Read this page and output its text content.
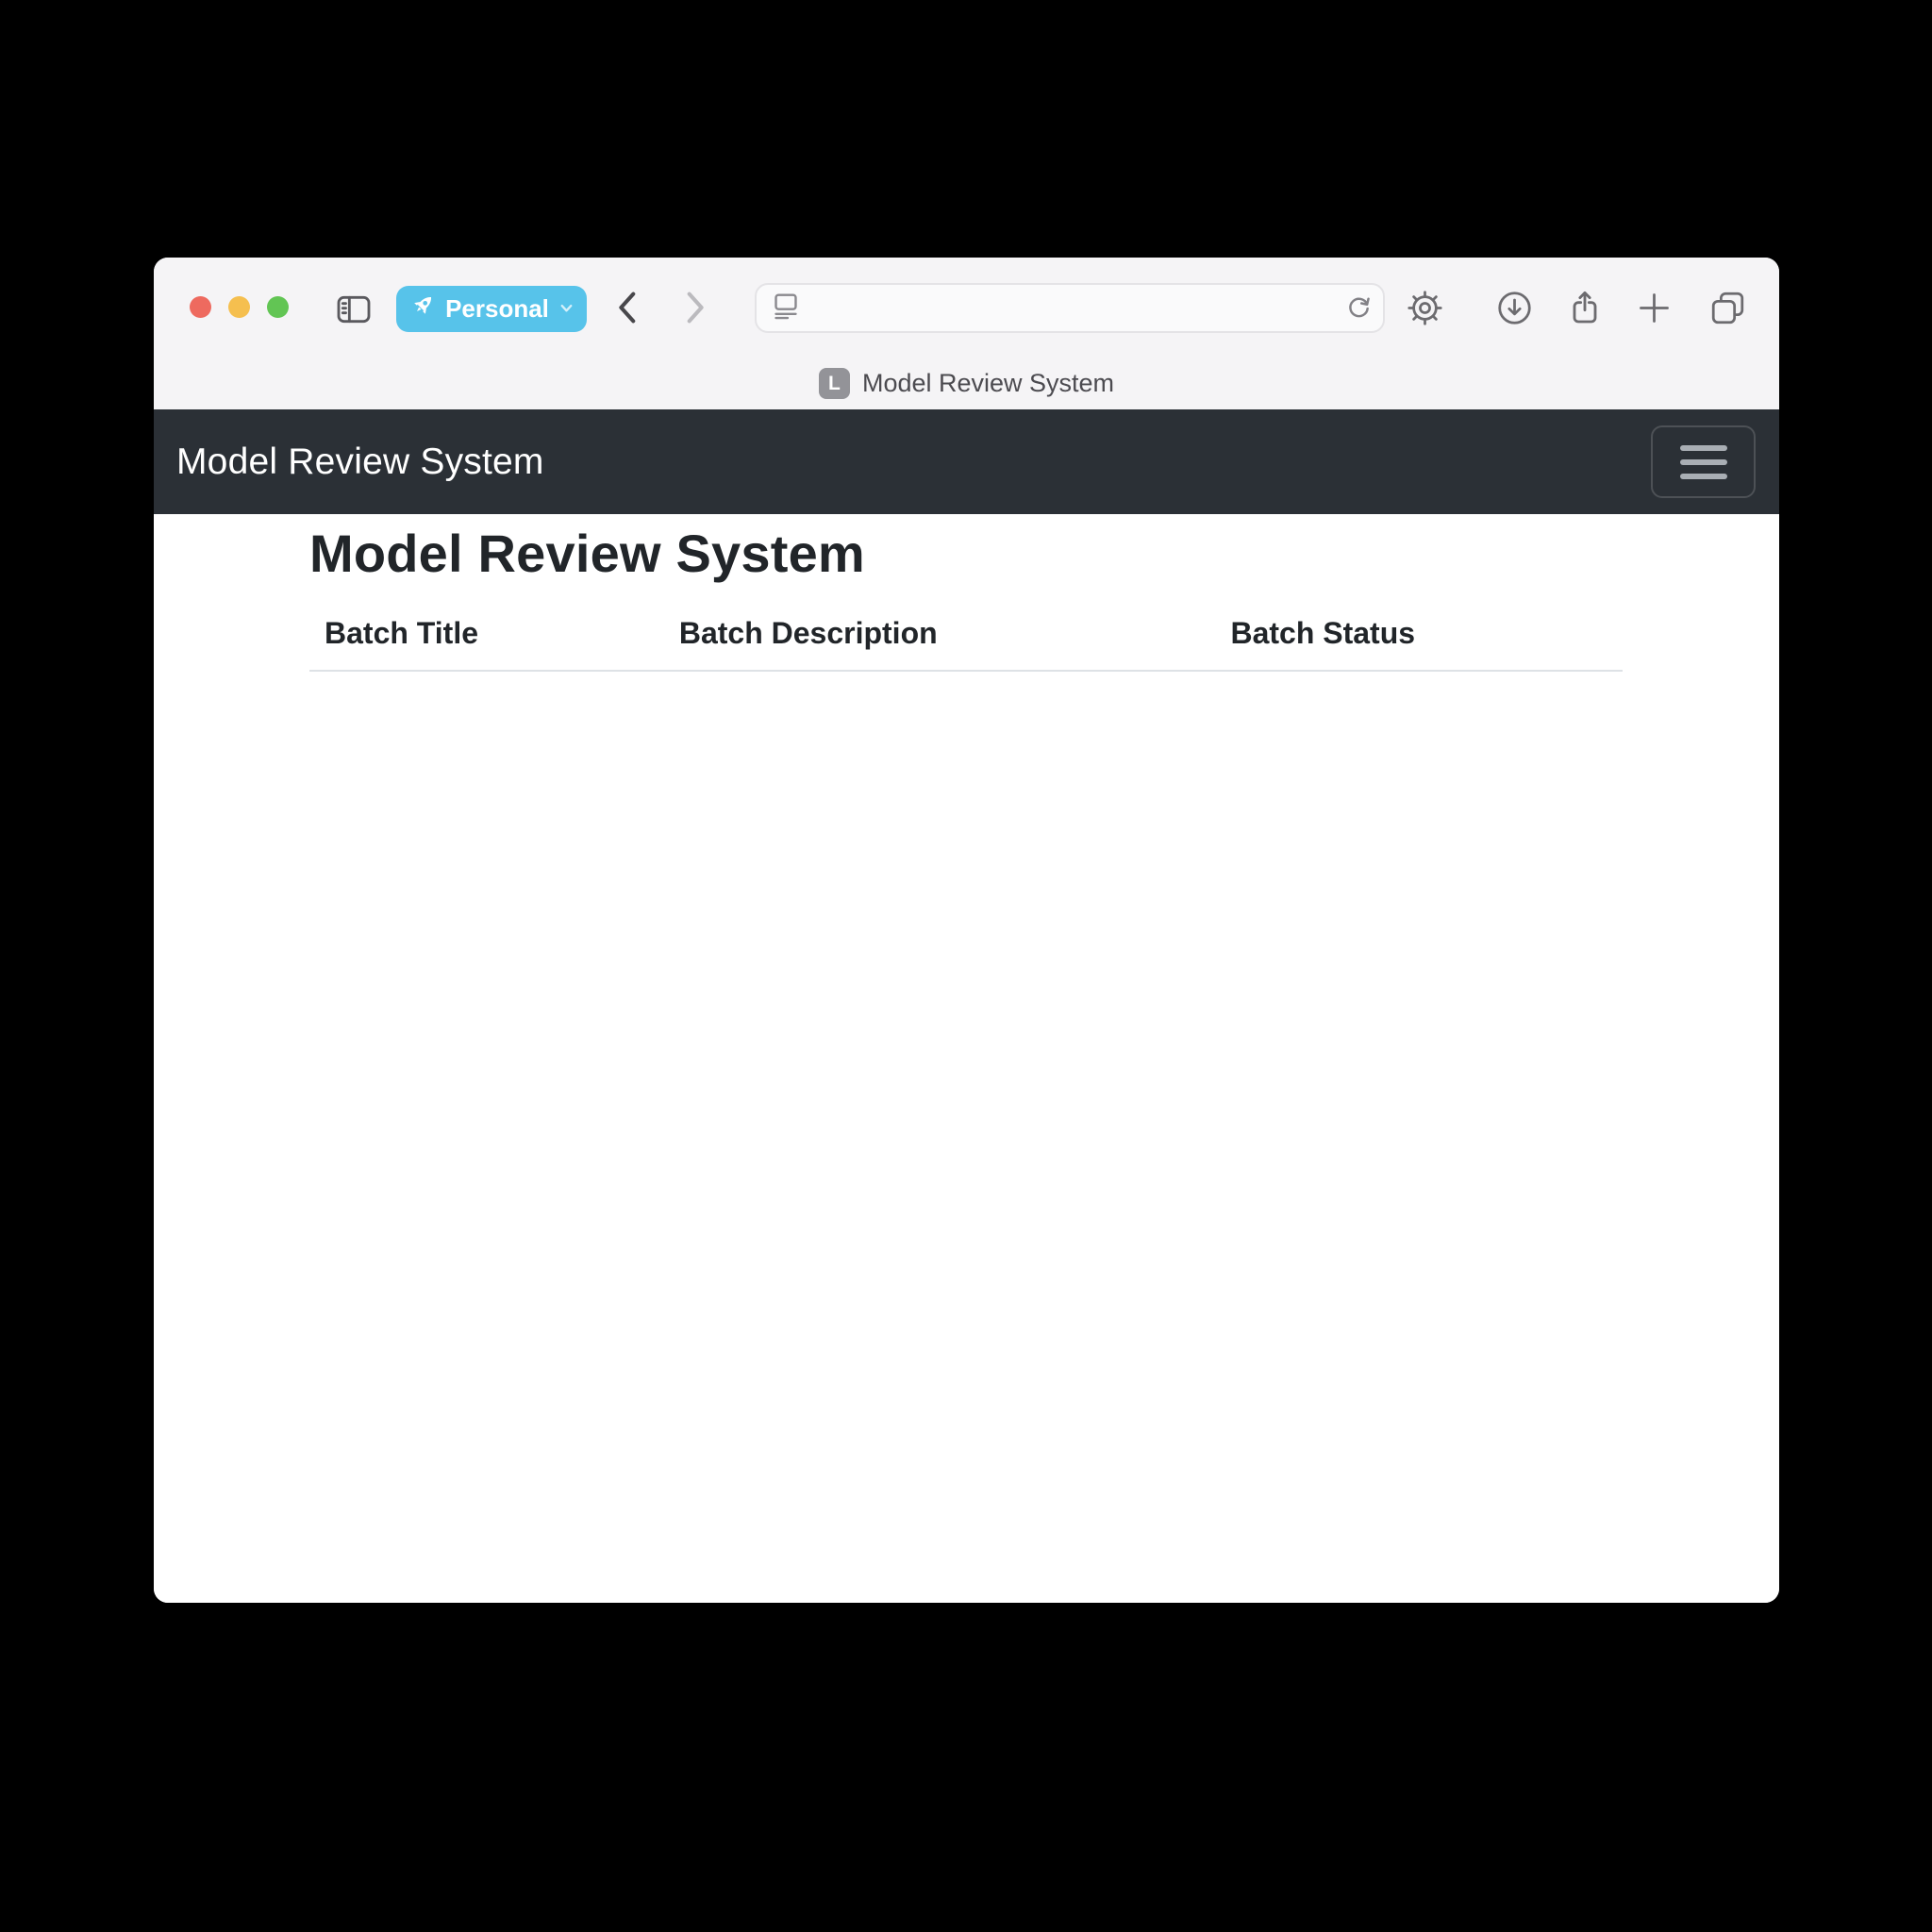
Personal
L Model Review System
Model Review System
Model Review System
Batch Title	Batch Description	Batch Status
